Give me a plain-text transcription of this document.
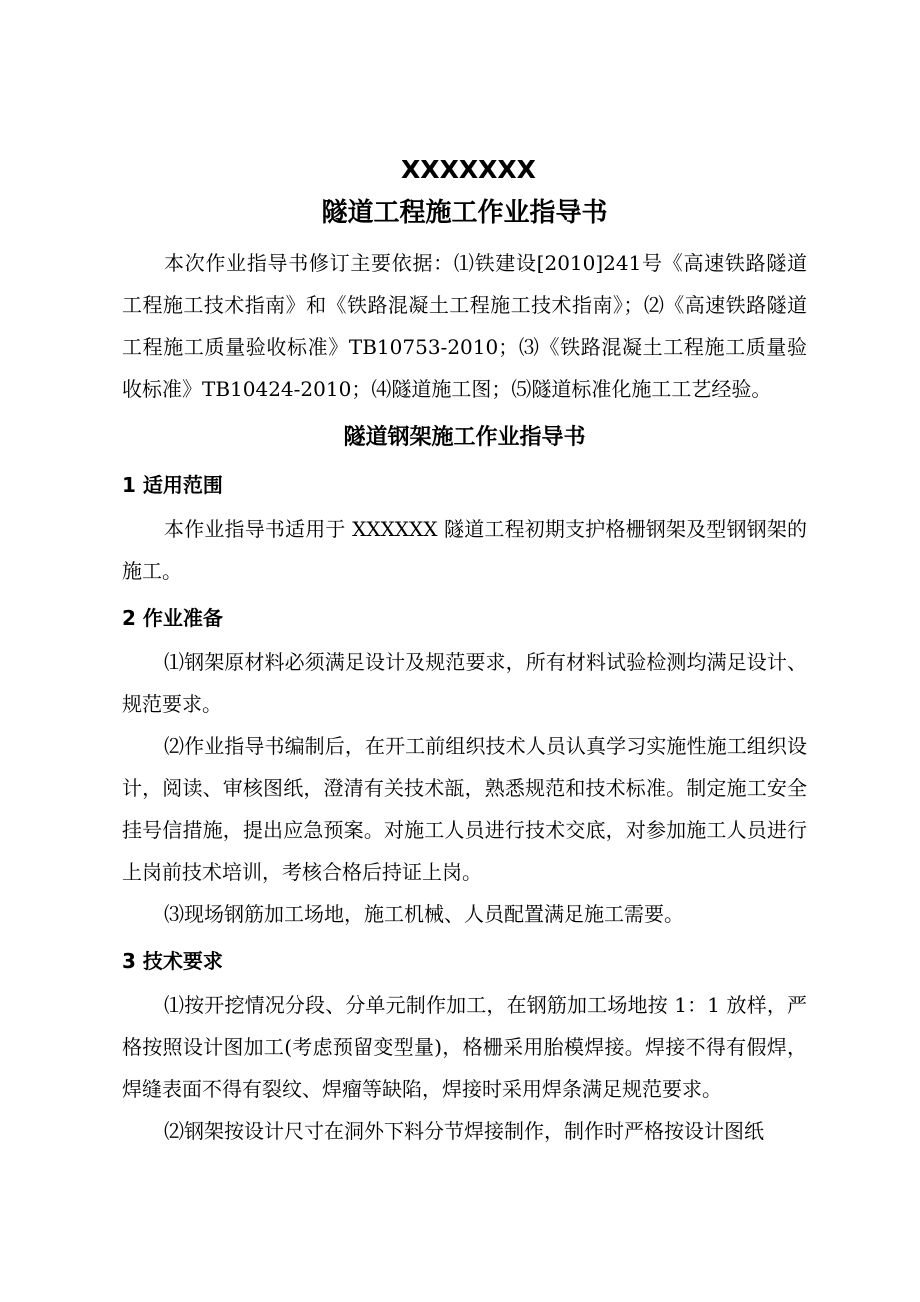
XXXXXXX
隧道工程施工作业指导书

本次作业指导书修订主要依据：⑴铁建设[2010]241号《高速铁路隧道工程施工技术指南》和《铁路混凝土工程施工技术指南》；⑵《高速铁路隧道工程施工质量验收标准》TB10753-2010；⑶《铁路混凝土工程施工质量验收标准》TB10424-2010；⑷隧道施工图；⑸隧道标准化施工工艺经验。

隧道钢架施工作业指导书
1 适用范围

本作业指导书适用于 XXXXXX 隧道工程初期支护格栅钢架及型钢钢架的施工。

2 作业准备

⑴钢架原材料必须满足设计及规范要求，所有材料试验检测均满足设计、规范要求。

⑵作业指导书编制后，在开工前组织技术人员认真学习实施性施工组织设计，阅读、审核图纸，澄清有关技术瓿，熟悉规范和技术标准。制定施工安全挂号信措施，提出应急预案。对施工人员进行技术交底，对参加施工人员进行上岗前技术培训，考核合格后持证上岗。

⑶现场钢筋加工场地，施工机械、人员配置满足施工需要。

3 技术要求

⑴按开挖情况分段、分单元制作加工，在钢筋加工场地按 1：1 放样，严格按照设计图加工(考虑预留变型量)，格栅采用胎模焊接。焊接不得有假焊，焊缝表面不得有裂纹、焊瘤等缺陷，焊接时采用焊条满足规范要求。

⑵钢架按设计尺寸在洞外下料分节焊接制作，制作时严格按设计图纸
